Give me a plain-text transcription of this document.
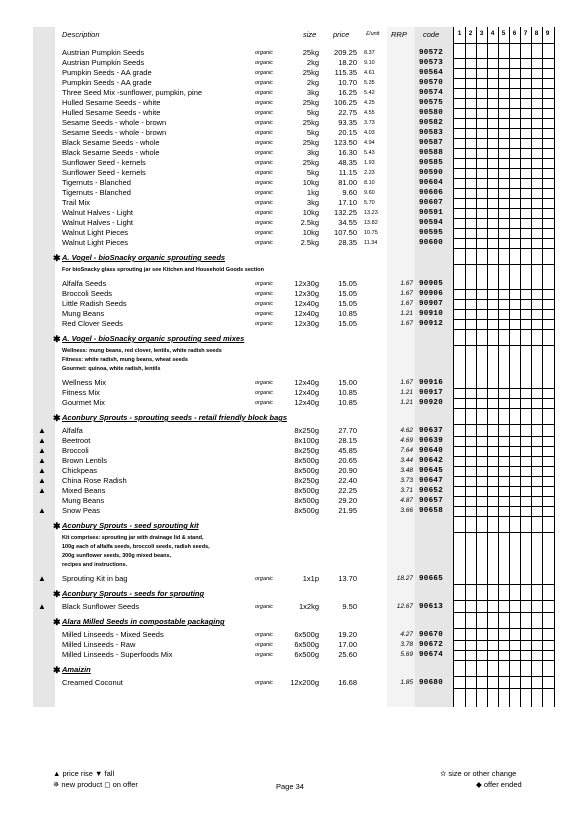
Description	size price	£/unit RRP code	1	2	3	4	5	6	7	8	9
Austrian Pumpkin Seeds	organic	25kg	209.25 8.37	90572
Austrian Pumpkin Seeds	organic	2kg	18.20 9.10	90573
Pumpkin Seeds - AA grade	organic	25kg	115.35 4.61	90564
Pumpkin Seeds - AA grade	organic	2kg	10.70 5.35	90570
Three Seed Mix -sunflower, pumpkin, pine	organic	3kg	16.25 5.42	90574
Hulled Sesame Seeds - white	organic	25kg	106.25 4.25	90575
Hulled Sesame Seeds - white	organic	5kg	22.75 4.55	90580
Sesame Seeds - whole - brown	organic	25kg	93.35 3.73	90582
Sesame Seeds - whole - brown	organic	5kg	20.15 4.03	90583
Black Sesame Seeds - whole	organic	25kg	123.50 4.94	90587
Black Sesame Seeds - whole	organic	3kg	16.30 5.43	90588
Sunflower Seed - kernels	organic	25kg	48.35 1.93	90585
Sunflower Seed - kernels	organic	5kg	11.15 2.23	90590
Tigernuts - Blanched	organic	10kg	81.00 8.10	90604
Tigernuts - Blanched	organic	1kg	9.60 9.60	90606
Trail Mix	organic	3kg	17.10 5.70	90607
Walnut Halves - Light	organic	10kg	132.25 13.23	90591
Walnut Halves - Light	organic	2.5kg	34.55 13.82	90594
Walnut Light Pieces	organic	10kg	107.50 10.75	90595
Walnut Light Pieces	organic	2.5kg	28.35 11.34	90600
✱ A. Vogel - bioSnacky organic sprouting seeds
For bioSnacky glass sprouting jar see Kitchen and Household Goods section
Alfalfa Seeds	organic	12x30g	15.05	1.67 90905
Broccoli Seeds	organic	12x30g	15.05	1.67 90906
Little Radish Seeds	organic	12x40g	15.05	1.67 90907
Mung Beans	organic	12x40g	10.85	1.21 90910
Red Clover Seeds	organic	12x30g	15.05	1.67 90912
✱ A. Vogel - bioSnacky organic sprouting seed mixes
Wellness: mung beans, red clover, lentils, white radish seeds
Fitness: white radish, mung beans, wheat seeds
Gourmet: quinoa, white radish, lentils
Wellness Mix	organic	12x40g	15.00	1.67 90916
Fitness Mix	organic	12x40g	10.85	1.21 90917
Gourmet Mix	organic	12x40g	10.85	1.21 90920
✱ Aconbury Sprouts - sprouting seeds - retail friendly block bags
▲ Alfalfa	8x250g	27.70	4.62 90637
▲ Beetroot	8x100g	28.15	4.69 90639
▲ Broccoli	8x250g	45.85	7.64 90640
▲ Brown Lentils	8x500g	20.65	3.44 90642
▲ Chickpeas	8x500g	20.90	3.48 90645
▲ China Rose Radish	8x250g	22.40	3.73 90647
▲ Mixed Beans	8x500g	22.25	3.71 90652
Mung Beans	8x500g	29.20	4.87 90657
▲ Snow Peas	8x500g	21.95	3.66 90658
✱ Aconbury Sprouts - seed sprouting kit
Kit comprises: sprouting jar with drainage lid & stand,
100g each of alfalfa seeds, broccoli seeds, radish seeds,
200g sunflower seeds, 300g mixed beans,
recipes and instructions.
▲ Sprouting Kit in bag	organic	1x1p	13.70	18.27 90665
✱ Aconbury Sprouts - seeds for sprouting
▲ Black Sunflower Seeds	organic	1x2kg	9.50	12.67 90613
✱ Alara Milled Seeds in compostable packaging
Milled Linseeds - Mixed Seeds	organic	6x500g	19.20	4.27 90670
Milled Linseeds - Raw	organic	6x500g	17.00	3.78 90672
Milled Linseeds - Superfoods Mix	organic	6x500g	25.60	5.69 90674
✱ Amaizin
Creamed Coconut	organic	12x200g	16.68	1.85 90680
▲ price rise ▼ fall
✵ new product ◻ on offer	Page 34
✫ size or other change
◆ offer ended
